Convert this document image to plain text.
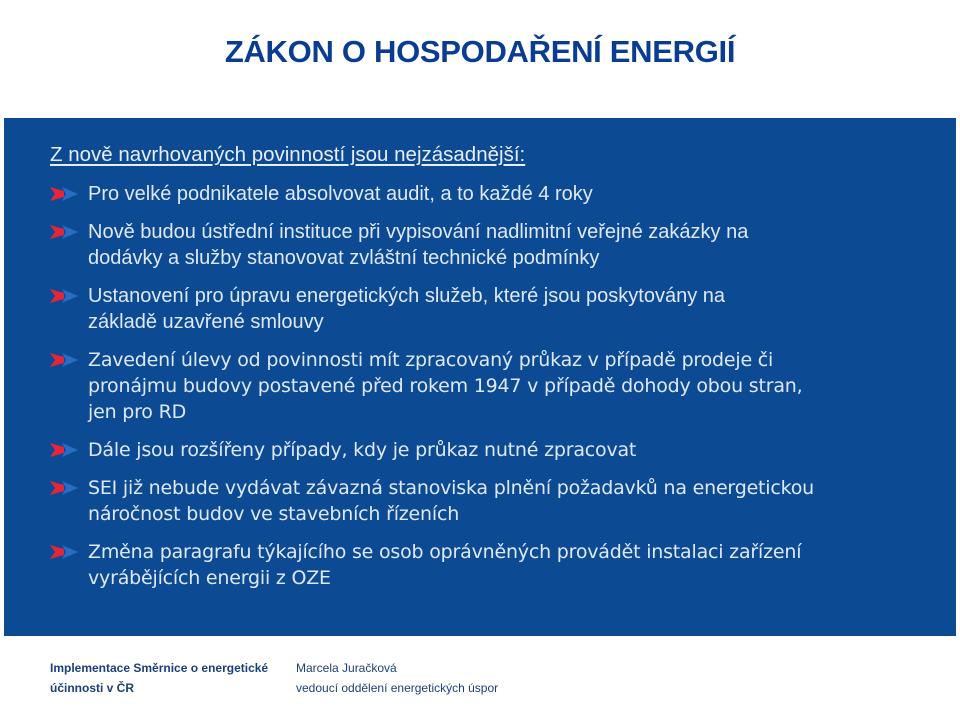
ZÁKON O HOSPODAŘENÍ ENERGIÍ
Z nově navrhovaných povinností jsou nejzásadnější:
Pro velké podnikatele absolvovat audit, a to každé 4 roky
Nově budou ústřední instituce při vypisování nadlimitní veřejné zakázky na
dodávky a služby stanovovat zvláštní technické podmínky
Ustanovení pro úpravu energetických služeb, které jsou poskytovány na
základě uzavřené smlouvy
Zavedení úlevy od povinnosti mít zpracovaný průkaz v případě prodeje či
pronájmu budovy postavené před rokem 1947 v případě dohody obou stran,
jen pro RD
Dále jsou rozšířeny případy, kdy je průkaz nutné zpracovat
SEI již nebude vydávat závazná stanoviska plnění požadavků na energetickou
náročnost budov ve stavebních řízeních
Změna paragrafu týkajícího se osob oprávněných provádět instalaci zařízení
vyrábějících energii z OZE
Implementace Směrnice o energetické
účinnosti v ČR
Marcela Juračková
vedoucí oddělení energetických úspor
